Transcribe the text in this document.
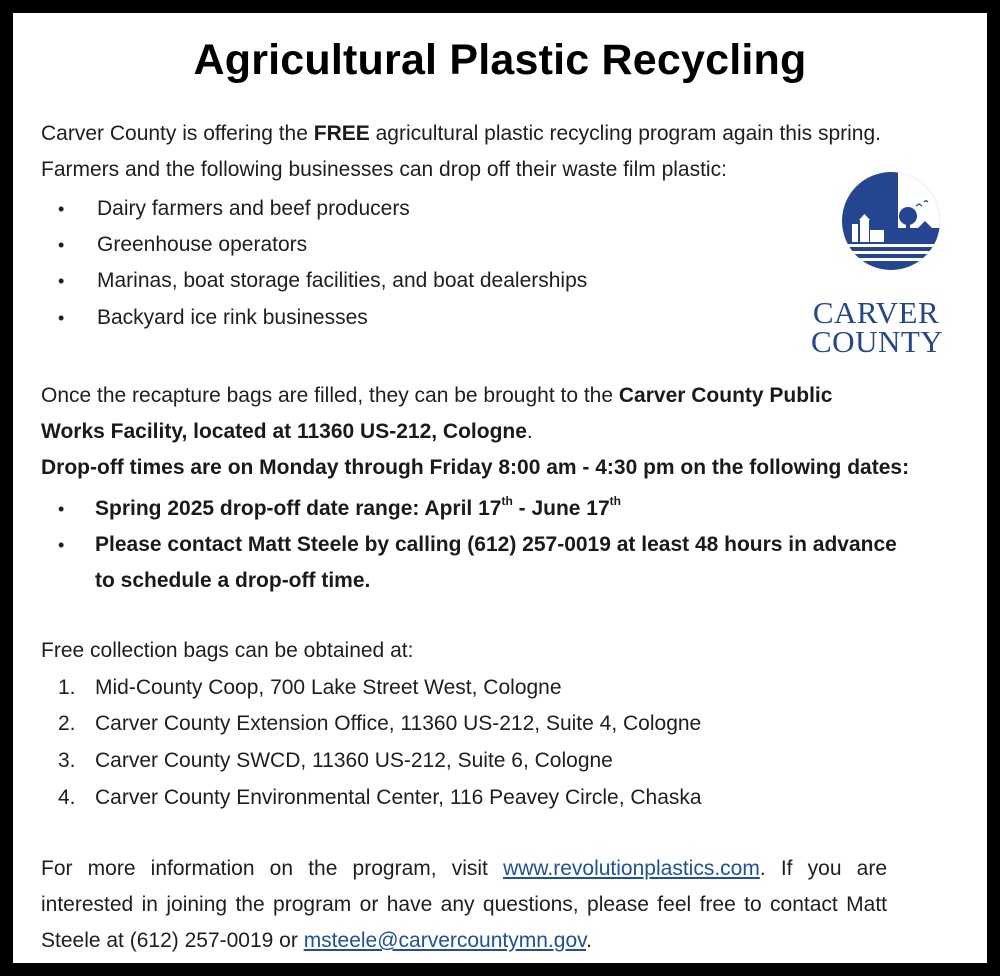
Agricultural Plastic Recycling
Carver County is offering the FREE agricultural plastic recycling program again this spring.
Farmers and the following businesses can drop off their waste film plastic:
• Dairy farmers and beef producers
• Greenhouse operators
• Marinas, boat storage facilities, and boat dealerships
• Backyard ice rink businesses	CARVER
COUNTY
Once the recapture bags are filled, they can be brought to the Carver County Public
Works Facility, located at 11360 US-212, Cologne.
Drop-off times are on Monday through Friday 8:00 am - 4:30 pm on the following dates:
• Spring 2025 drop-off date range: April 17th - June 17th
• Please contact Matt Steele by calling (612) 257-0019 at least 48 hours in advance
to schedule a drop-off time.
Free collection bags can be obtained at:
1. Mid-County Coop, 700 Lake Street West, Cologne
2. Carver County Extension Office, 11360 US-212, Suite 4, Cologne
3. Carver County SWCD, 11360 US-212, Suite 6, Cologne
4. Carver County Environmental Center, 116 Peavey Circle, Chaska
For more information on the program, visit www.revolutionplastics.com. If you are interested in joining the program or have any questions, please feel free to contact Matt Steele at (612) 257-0019 or msteele@carvercountymn.gov.
